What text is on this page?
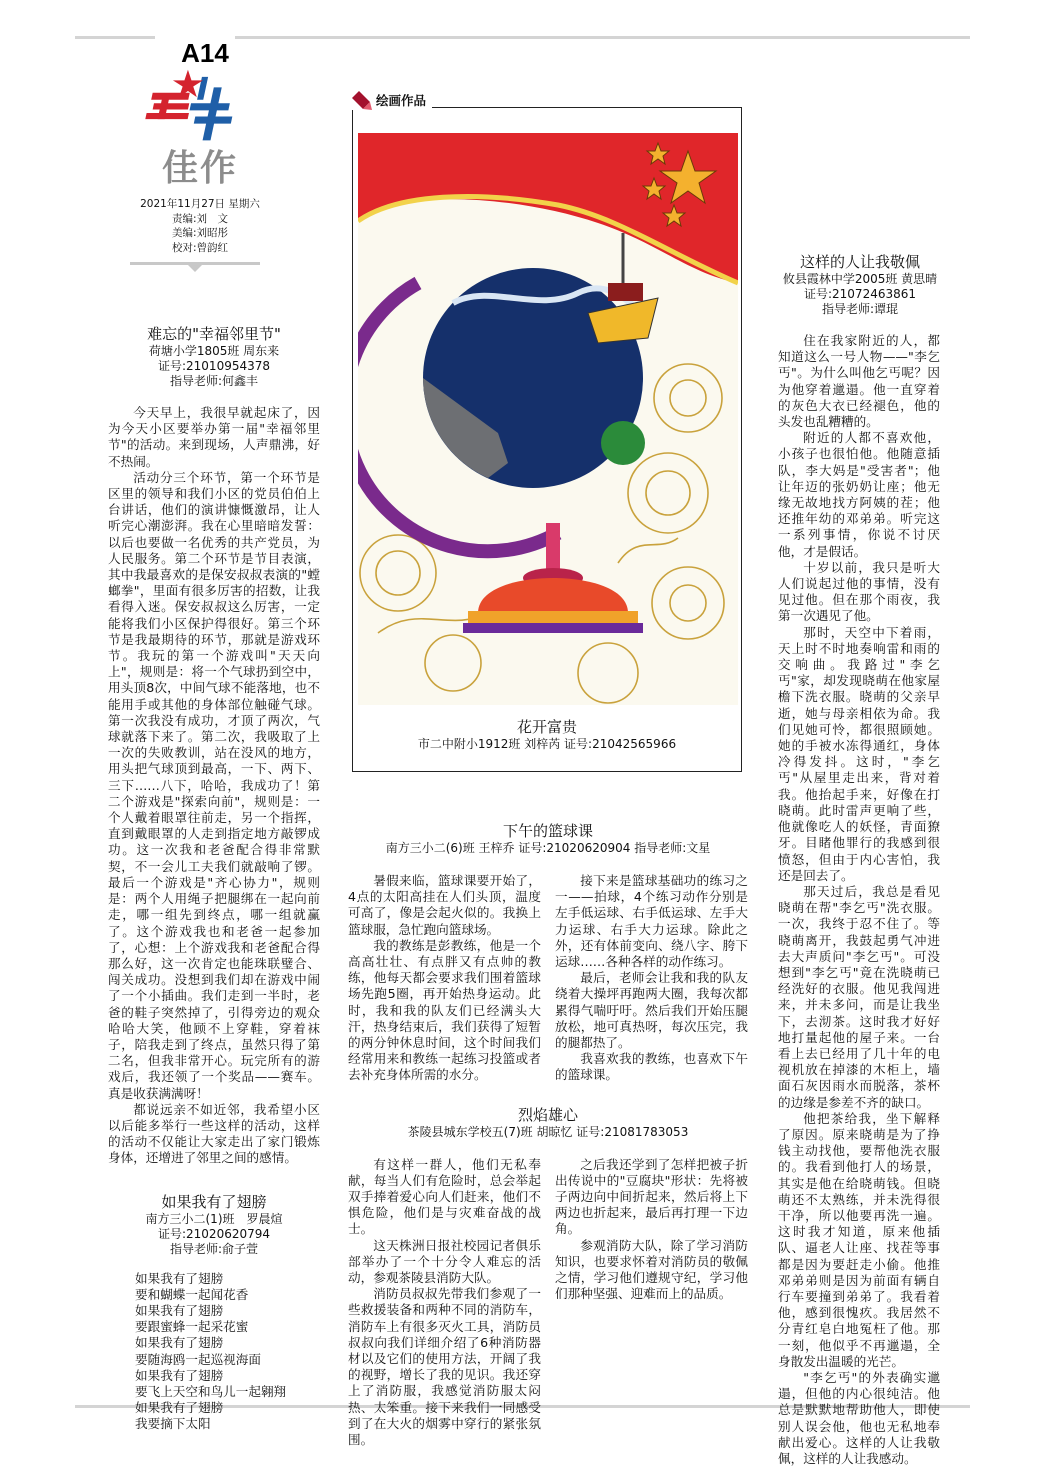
A14
佳作
2021年11月27日 星期六
责编:刘　文
美编:刘昭彤
校对:曾韵红
难忘的"幸福邻里节"
荷塘小学1805班 周东来
证号:21010954378
指导老师:何鑫丰

今天早上，我很早就起床了，因为今天小区要举办第一届"幸福邻里节"的活动。来到现场，人声鼎沸，好不热闹。

活动分三个环节，第一个环节是区里的领导和我们小区的党员伯伯上台讲话，他们的演讲慷慨激昂，让人听完心潮澎湃。我在心里暗暗发誓：以后也要做一名优秀的共产党员，为人民服务。第二个环节是节目表演，其中我最喜欢的是保安叔叔表演的"螳螂拳"，里面有很多厉害的招数，让我看得入迷。保安叔叔这么厉害，一定能将我们小区保护得很好。第三个环节是我最期待的环节，那就是游戏环节。我玩的第一个游戏叫"天天向上"，规则是：将一个气球扔到空中，用头顶8次，中间气球不能落地，也不能用手或其他的身体部位触碰气球。第一次我没有成功，才顶了两次，气球就落下来了。第二次，我吸取了上一次的失败教训，站在没风的地方，用头把气球顶到最高，一下、两下、三下……八下，哈哈，我成功了！第二个游戏是"探索向前"，规则是：一个人戴着眼罩往前走，另一个指挥，直到戴眼罩的人走到指定地方敲锣成功。这一次我和老爸配合得非常默契，不一会儿工夫我们就敲响了锣。最后一个游戏是"齐心协力"，规则是：两个人用绳子把腿绑在一起向前走，哪一组先到终点，哪一组就赢了。这个游戏我也和老爸一起参加了，心想：上个游戏我和老爸配合得那么好，这一次肯定也能珠联璧合、闯关成功。没想到我们却在游戏中闹了一个小插曲。我们走到一半时，老爸的鞋子突然掉了，引得旁边的观众哈哈大笑，他顾不上穿鞋，穿着袜子，陪我走到了终点，虽然只得了第二名，但我非常开心。玩完所有的游戏后，我还领了一个奖品——赛车。真是收获满满呀！

都说远亲不如近邻，我希望小区以后能多举行一些这样的活动，这样的活动不仅能让大家走出了家门锻炼身体，还增进了邻里之间的感情。

如果我有了翅膀
南方三小二(1)班　罗晨煊
证号:21020620794
指导老师:俞子萱
如果我有了翅膀
要和蝴蝶一起闻花香
如果我有了翅膀
要跟蜜蜂一起采花蜜
如果我有了翅膀
要随海鸥一起巡视海面
如果我有了翅膀
要飞上天空和鸟儿一起翱翔
如果我有了翅膀
我要摘下太阳
绘画作品
花开富贵
市二中附小1912班 刘梓芮 证号:21042565966
下午的篮球课
南方三小二(6)班 王梓乔 证号:21020620904 指导老师:文星

暑假来临，篮球课要开始了，4点的太阳高挂在人们头顶，温度可高了，像是会起火似的。我换上篮球服，急忙跑向篮球场。

我的教练是彭教练，他是一个高高壮壮、有点胖又有点帅的教练，他每天都会要求我们围着篮球场先跑5圈，再开始热身运动。此时，我和我的队友们已经满头大汗，热身结束后，我们获得了短暂的两分钟休息时间，这个时间我们经常用来和教练一起练习投篮或者去补充身体所需的水分。

接下来是篮球基础功的练习之一——拍球，4个练习动作分别是左手低运球、右手低运球、左手大力运球、右手大力运球。除此之外，还有体前变向、绕八字、胯下运球……各种各样的动作练习。

最后，老师会让我和我的队友绕着大操坪再跑两大圈，我每次都累得气喘吁吁。然后我们开始压腿放松，地可真热呀，每次压完，我的腿都热了。

我喜欢我的教练，也喜欢下午的篮球课。

烈焰雄心
茶陵县城东学校五(7)班 胡晾忆 证号:21081783053

有这样一群人，他们无私奉献，每当人们有危险时，总会举起双手捧着爱心向人们赶来，他们不惧危险，他们是与灾难奋战的战士。

这天株洲日报社校园记者俱乐部举办了一个十分令人难忘的活动，参观茶陵县消防大队。

消防员叔叔先带我们参观了一些救援装备和两种不同的消防车，消防车上有很多灭火工具，消防员叔叔向我们详细介绍了6种消防器材以及它们的使用方法，开阔了我的视野，增长了我的见识。我还穿上了消防服，我感觉消防服太闷热、太笨重。接下来我们一同感受到了在大火的烟雾中穿行的紧张氛围。

之后我还学到了怎样把被子折出传说中的"豆腐块"形状：先将被子两边向中间折起来，然后将上下两边也折起来，最后再打理一下边角。

参观消防大队，除了学习消防知识，也要求怀着对消防员的敬佩之情，学习他们遵规守纪，学习他们那种坚强、迎难而上的品质。

这样的人让我敬佩
攸县霞林中学2005班 黄思晴
证号:21072463861
指导老师:谭琨

住在我家附近的人，都知道这么一号人物——"李乞丐"。为什么叫他乞丐呢？因为他穿着邋遢。他一直穿着的灰色大衣已经褪色，他的头发也乱糟糟的。

附近的人都不喜欢他，小孩子也很怕他。他随意插队，李大妈是"受害者"；他让年迈的张奶奶让座；他无缘无故地找方阿姨的茬；他还推年幼的邓弟弟。听完这一系列事情，你说不讨厌他，才是假话。

十岁以前，我只是听大人们说起过他的事情，没有见过他。但在那个雨夜，我第一次遇见了他。

那时，天空中下着雨，天上时不时地奏响雷和雨的交响曲。我路过"李乞丐"家，却发现晓萌在他家屋檐下洗衣服。晓萌的父亲早逝，她与母亲相依为命。我们见她可怜，都很照顾她。她的手被水冻得通红，身体冷得发抖。这时，"李乞丐"从屋里走出来，背对着我。他抬起手来，好像在打晓萌。此时雷声更响了些，他就像吃人的妖怪，青面獠牙。目睹他罪行的我感到很愤怒，但由于内心害怕，我还是回去了。

那天过后，我总是看见晓萌在帮"李乞丐"洗衣服。一次，我终于忍不住了。等晓萌离开，我鼓起勇气冲进去大声质问"李乞丐"。可没想到"李乞丐"竟在洗晓萌已经洗好的衣服。他见我闯进来，并未多问，而是让我坐下，去沏茶。这时我才好好地打量起他的屋子来。一台看上去已经用了几十年的电视机放在掉漆的木柜上，墙面石灰因雨水而脱落，茶杯的边缘是参差不齐的缺口。

他把茶给我，坐下解释了原因。原来晓萌是为了挣钱主动找他，要帮他洗衣服的。我看到他打人的场景，其实是他在给晓萌钱。但晓萌还不太熟练，并未洗得很干净，所以他要再洗一遍。这时我才知道，原来他插队、逼老人让座、找茬等事都是因为要赶走小偷。他推邓弟弟则是因为前面有辆自行车要撞到弟弟了。我看着他，感到很愧疚。我居然不分青红皂白地冤枉了他。那一刻，他似乎不再邋遢，全身散发出温暖的光芒。

"李乞丐"的外表确实邋遢，但他的内心很纯洁。他总是默默地帮助他人，即使别人误会他，他也无私地奉献出爱心。这样的人让我敬佩，这样的人让我感动。
